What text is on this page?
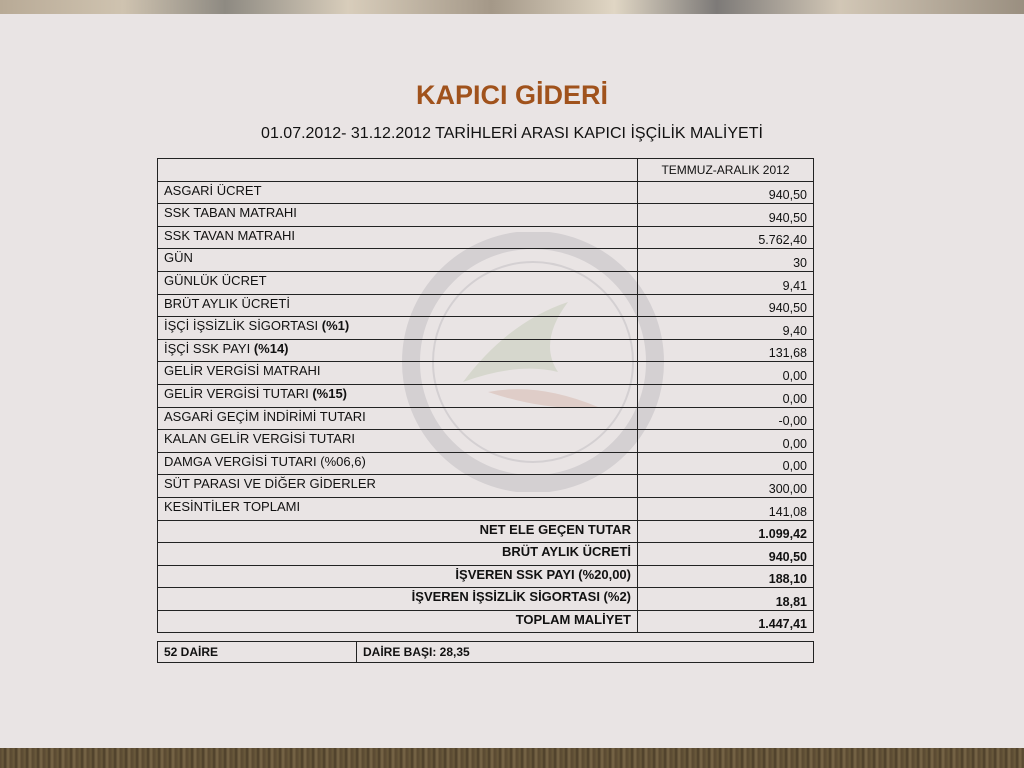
KAPICI GİDERİ
01.07.2012- 31.12.2012 TARİHLERİ ARASI KAPICI İŞÇİLİK MALİYETİ
	TEMMUZ-ARALIK 2012
ASGARİ ÜCRET	940,50
SSK TABAN MATRAHI	940,50
SSK TAVAN MATRAHI	5.762,40
GÜN	30
GÜNLÜK ÜCRET	9,41
BRÜT AYLIK ÜCRETİ	940,50
İŞÇİ İŞSİZLİK SİGORTASI (%1)	9,40
İŞÇİ SSK PAYI (%14)	131,68
GELİR VERGİSİ MATRAHI	0,00
GELİR VERGİSİ TUTARI (%15)	0,00
ASGARİ GEÇİM İNDİRİMİ TUTARI	-0,00
KALAN GELİR VERGİSİ TUTARI	0,00
DAMGA VERGİSİ TUTARI (%06,6)	0,00
SÜT PARASI VE DİĞER GİDERLER	300,00
KESİNTİLER TOPLAMI	141,08
NET ELE GEÇEN TUTAR	1.099,42
BRÜT AYLIK ÜCRETİ	940,50
İŞVEREN SSK PAYI (%20,00)	188,10
İŞVEREN İŞSİZLİK SİGORTASI (%2)	18,81
TOPLAM MALİYET	1.447,41
52 DAİRE	DAİRE BAŞI: 28,35
